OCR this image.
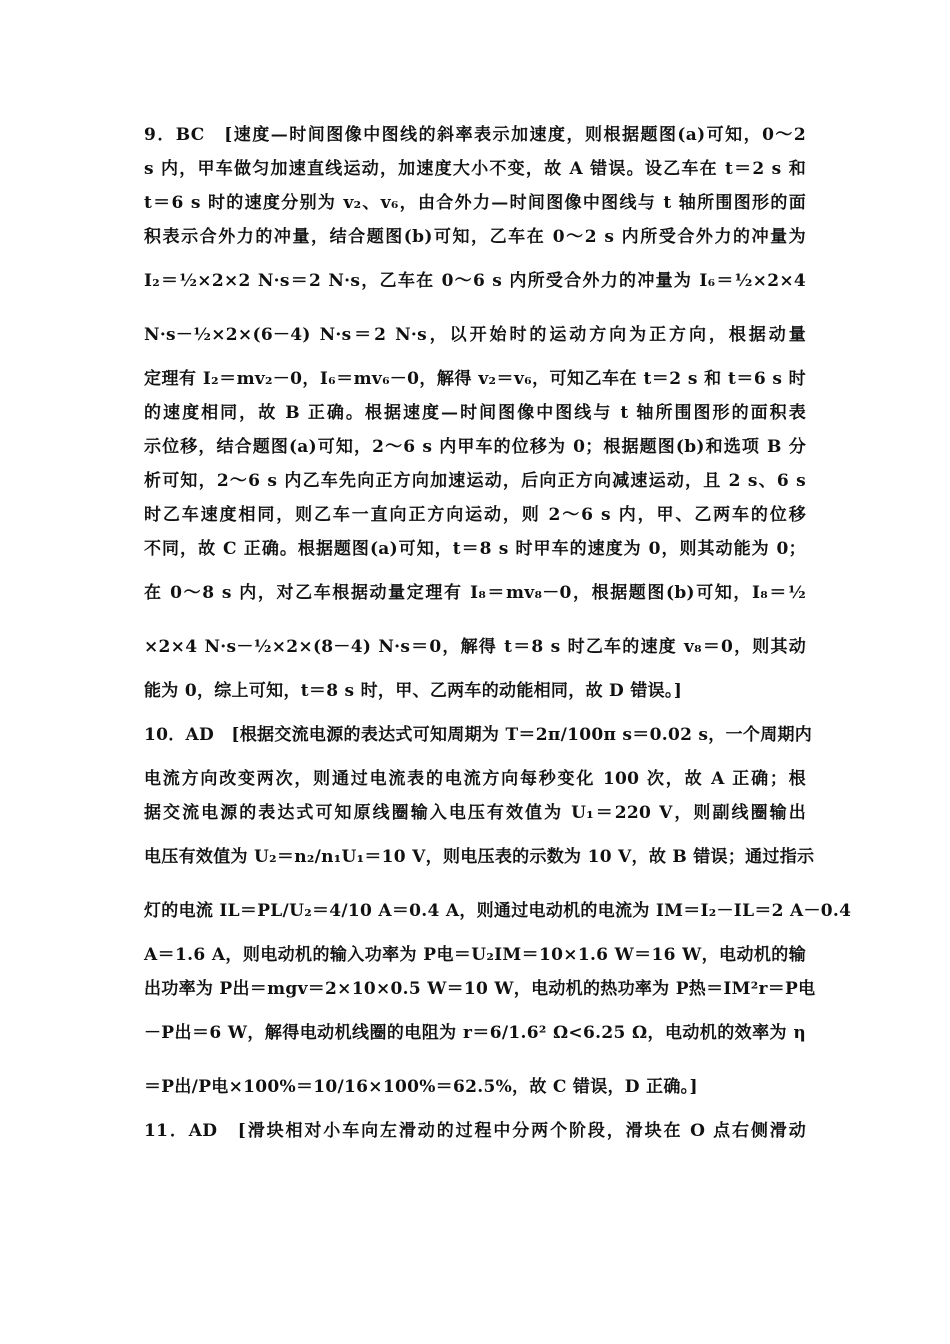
9．BC　[速度—时间图像中图线的斜率表示加速度，则根据题图(a)可知，0～2
s 内，甲车做匀加速直线运动，加速度大小不变，故 A 错误。设乙车在 t＝2 s 和
t＝6 s 时的速度分别为 v₂、v₆，由合外力—时间图像中图线与 t 轴所围图形的面
积表示合外力的冲量，结合题图(b)可知，乙车在 0～2 s 内所受合外力的冲量为
I₂＝½×2×2 N·s＝2 N·s，乙车在 0～6 s 内所受合外力的冲量为 I₆＝½×2×4
N·s－½×2×(6－4) N·s＝2 N·s，以开始时的运动方向为正方向，根据动量
定理有 I₂＝mv₂－0，I₆＝mv₆－0，解得 v₂＝v₆，可知乙车在 t＝2 s 和 t＝6 s 时
的速度相同，故 B 正确。根据速度—时间图像中图线与 t 轴所围图形的面积表
示位移，结合题图(a)可知，2～6 s 内甲车的位移为 0；根据题图(b)和选项 B 分
析可知，2～6 s 内乙车先向正方向加速运动，后向正方向减速运动，且 2 s、6 s
时乙车速度相同，则乙车一直向正方向运动，则 2～6 s 内，甲、乙两车的位移
不同，故 C 正确。根据题图(a)可知，t＝8 s 时甲车的速度为 0，则其动能为 0；
在 0～8 s 内，对乙车根据动量定理有 I₈＝mv₈－0，根据题图(b)可知，I₈＝½
×2×4 N·s－½×2×(8－4) N·s＝0，解得 t＝8 s 时乙车的速度 v₈＝0，则其动
能为 0，综上可知，t＝8 s 时，甲、乙两车的动能相同，故 D 错误。]
10．AD　[根据交流电源的表达式可知周期为 T＝2π/100π s＝0.02 s，一个周期内
电流方向改变两次，则通过电流表的电流方向每秒变化 100 次，故 A 正确；根
据交流电源的表达式可知原线圈输入电压有效值为 U₁＝220 V，则副线圈输出
电压有效值为 U₂＝n₂/n₁U₁＝10 V，则电压表的示数为 10 V，故 B 错误；通过指示
灯的电流 IL＝PL/U₂＝4/10 A＝0.4 A，则通过电动机的电流为 IM＝I₂－IL＝2 A－0.4
A＝1.6 A，则电动机的输入功率为 P电＝U₂IM＝10×1.6 W＝16 W，电动机的输
出功率为 P出＝mgv＝2×10×0.5 W＝10 W，电动机的热功率为 P热＝IM²r＝P电
－P出＝6 W，解得电动机线圈的电阻为 r＝6/1.6² Ω<6.25 Ω，电动机的效率为 η
＝P出/P电×100%＝10/16×100%＝62.5%，故 C 错误，D 正确。]
11．AD　[滑块相对小车向左滑动的过程中分两个阶段，滑块在 O 点右侧滑动
